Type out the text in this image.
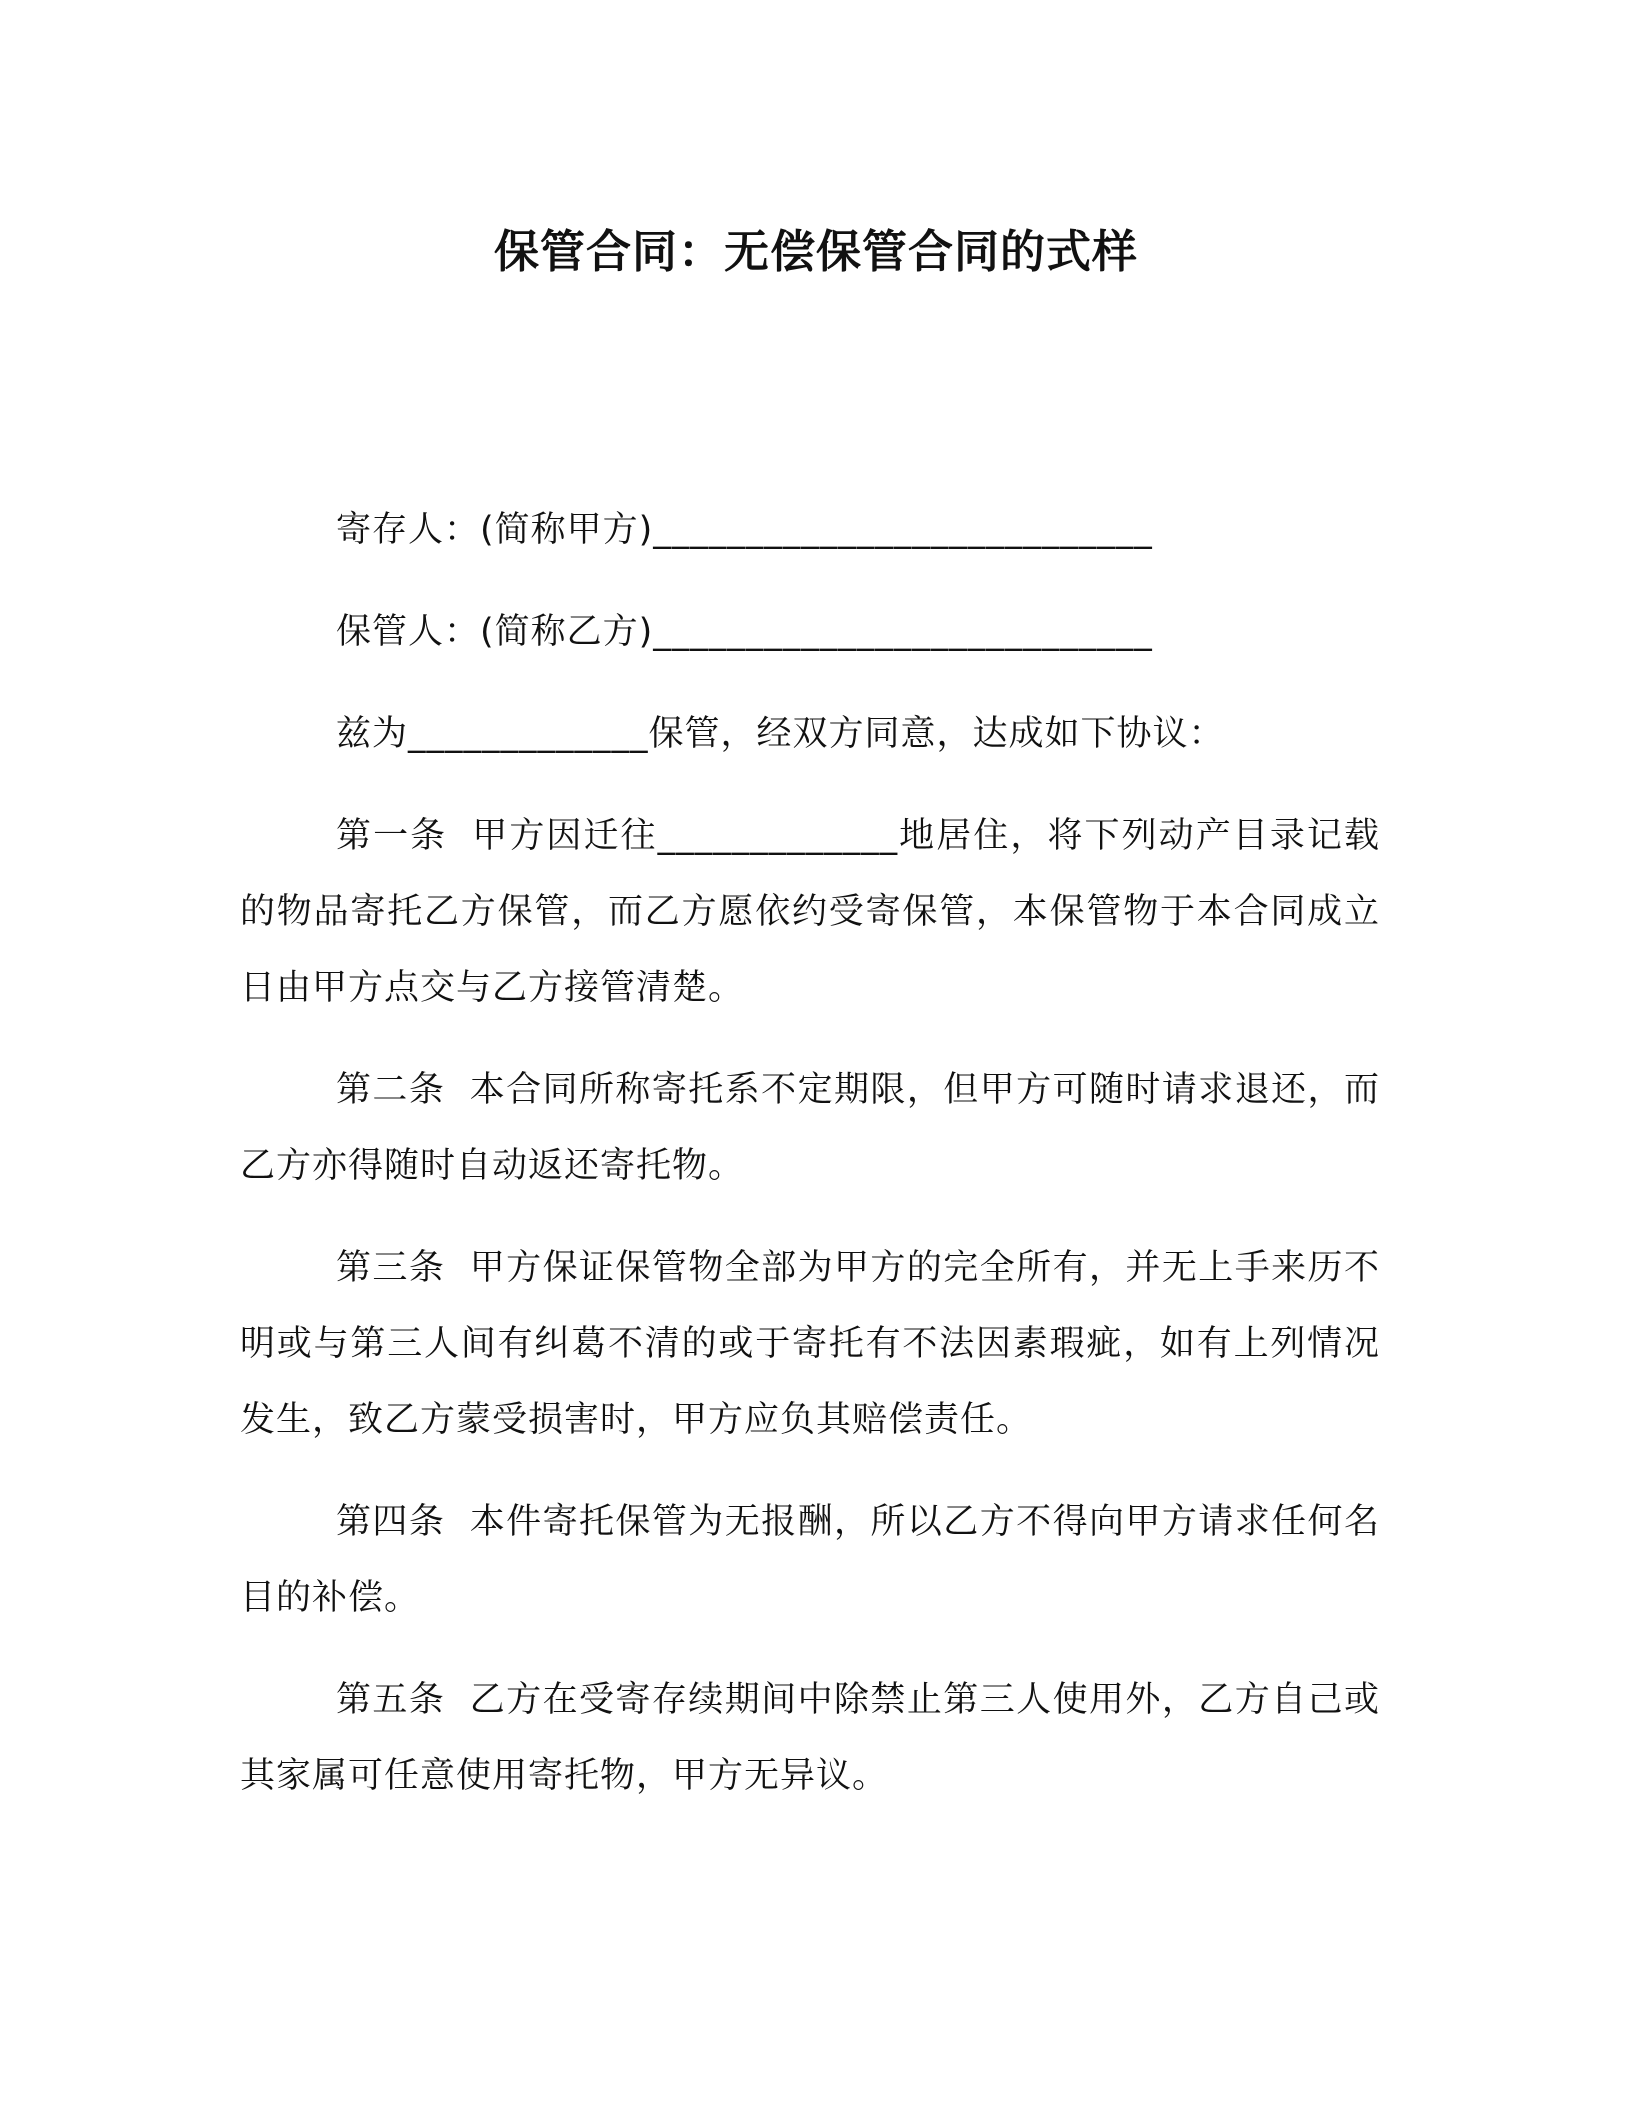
保管合同：无偿保管合同的式样

寄存人：(简称甲方)___________________________

保管人：(简称乙方)___________________________

兹为_____________保管，经双方同意，达成如下协议：

第一条 甲方因迁往_____________地居住，将下列动产目录记载的物品寄托乙方保管，而乙方愿依约受寄保管，本保管物于本合同成立日由甲方点交与乙方接管清楚。

第二条 本合同所称寄托系不定期限，但甲方可随时请求退还，而乙方亦得随时自动返还寄托物。

第三条 甲方保证保管物全部为甲方的完全所有，并无上手来历不明或与第三人间有纠葛不清的或于寄托有不法因素瑕疵，如有上列情况发生，致乙方蒙受损害时，甲方应负其赔偿责任。

第四条 本件寄托保管为无报酬，所以乙方不得向甲方请求任何名目的补偿。

第五条 乙方在受寄存续期间中除禁止第三人使用外，乙方自己或其家属可任意使用寄托物，甲方无异议。
